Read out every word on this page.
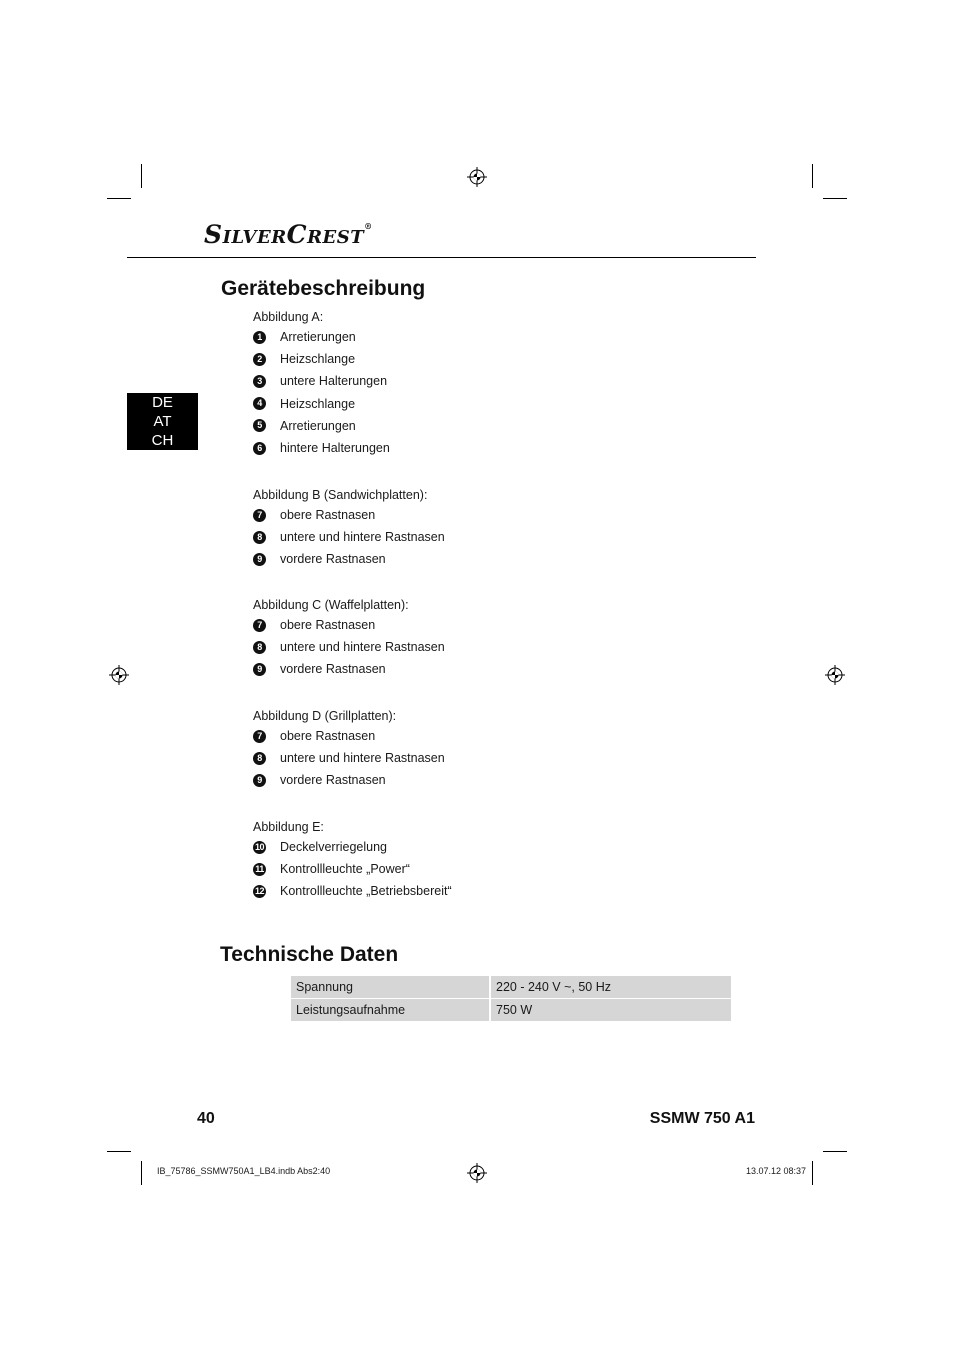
SILVERCREST®
DE
AT
CH
Gerätebeschreibung
Abbildung A:
1	Arretierungen
2	Heizschlange
3	untere Halterungen
4	Heizschlange
5	Arretierungen
6	hintere Halterungen
Abbildung B (Sandwichplatten):
7	obere Rastnasen
8	untere und hintere Rastnasen
9	vordere Rastnasen
Abbildung C (Waffelplatten):
7	obere Rastnasen
8	untere und hintere Rastnasen
9	vordere Rastnasen
Abbildung D (Grillplatten):
7	obere Rastnasen
8	untere und hintere Rastnasen
9	vordere Rastnasen
Abbildung E:
10 Deckelverriegelung
11 Kontrollleuchte „Power“
12 Kontrollleuchte „Betriebsbereit“
Technische Daten
Spannung	220 - 240 V ~, 50 Hz
Leistungsaufnahme	750 W
40	SSMW 750 A1
IB_75786_SSMW750A1_LB4.indb Abs2:40	13.07.12 08:37
